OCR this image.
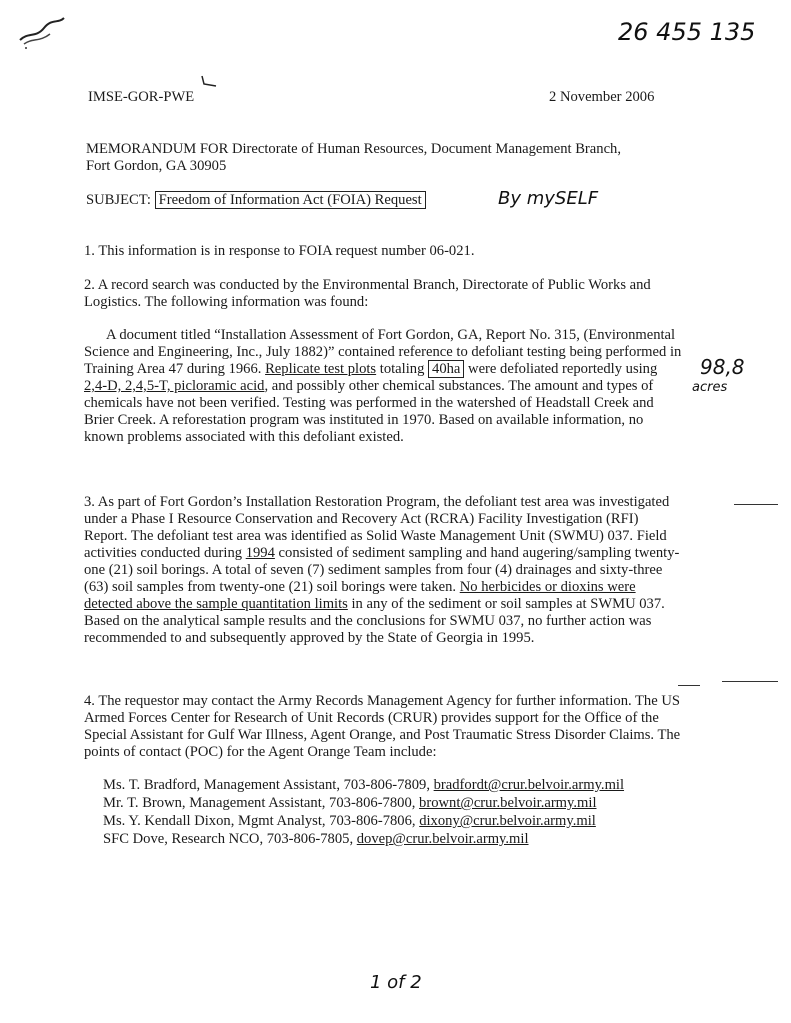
26 455 135
IMSE-GOR-PWE	2 November 2006
MEMORANDUM FOR Directorate of Human Resources, Document Management Branch,
Fort Gordon, GA 30905
SUBJECT: Freedom of Information Act (FOIA) Request	By mySELF

1. This information is in response to FOIA request number 06-021.

2. A record search was conducted by the Environmental Branch, Directorate of Public Works and Logistics. The following information was found:

A document titled “Installation Assessment of Fort Gordon, GA, Report No. 315, (Environmental Science and Engineering, Inc., July 1882)” contained reference to defoliant testing being performed in Training Area 47 during 1966. Replicate test plots totaling 40ha were defoliated reportedly using 2,4-D, 2,4,5-T, picloramic acid, and possibly other chemical substances. The amount and types of chemicals have not been verified. Testing was performed in the watershed of Headstall Creek and Brier Creek. A reforestation program was instituted in 1970. Based on available information, no known problems associated with this defoliant existed.

98,8
acres

3. As part of Fort Gordon’s Installation Restoration Program, the defoliant test area was investigated under a Phase I Resource Conservation and Recovery Act (RCRA) Facility Investigation (RFI) Report. The defoliant test area was identified as Solid Waste Management Unit (SWMU) 037. Field activities conducted during 1994 consisted of sediment sampling and hand augering/sampling twenty-one (21) soil borings. A total of seven (7) sediment samples from four (4) drainages and sixty-three (63) soil samples from twenty-one (21) soil borings were taken. No herbicides or dioxins were detected above the sample quantitation limits in any of the sediment or soil samples at SWMU 037. Based on the analytical sample results and the conclusions for SWMU 037, no further action was recommended to and subsequently approved by the State of Georgia in 1995.

4. The requestor may contact the Army Records Management Agency for further information. The US Armed Forces Center for Research of Unit Records (CRUR) provides support for the Office of the Special Assistant for Gulf War Illness, Agent Orange, and Post Traumatic Stress Disorder Claims. The points of contact (POC) for the Agent Orange Team include:

Ms. T. Bradford, Management Assistant, 703-806-7809, bradfordt@crur.belvoir.army.mil
Mr. T. Brown, Management Assistant, 703-806-7800, brownt@crur.belvoir.army.mil
Ms. Y. Kendall Dixon, Mgmt Analyst, 703-806-7806, dixony@crur.belvoir.army.mil
SFC Dove, Research NCO, 703-806-7805, dovep@crur.belvoir.army.mil
1 of 2
